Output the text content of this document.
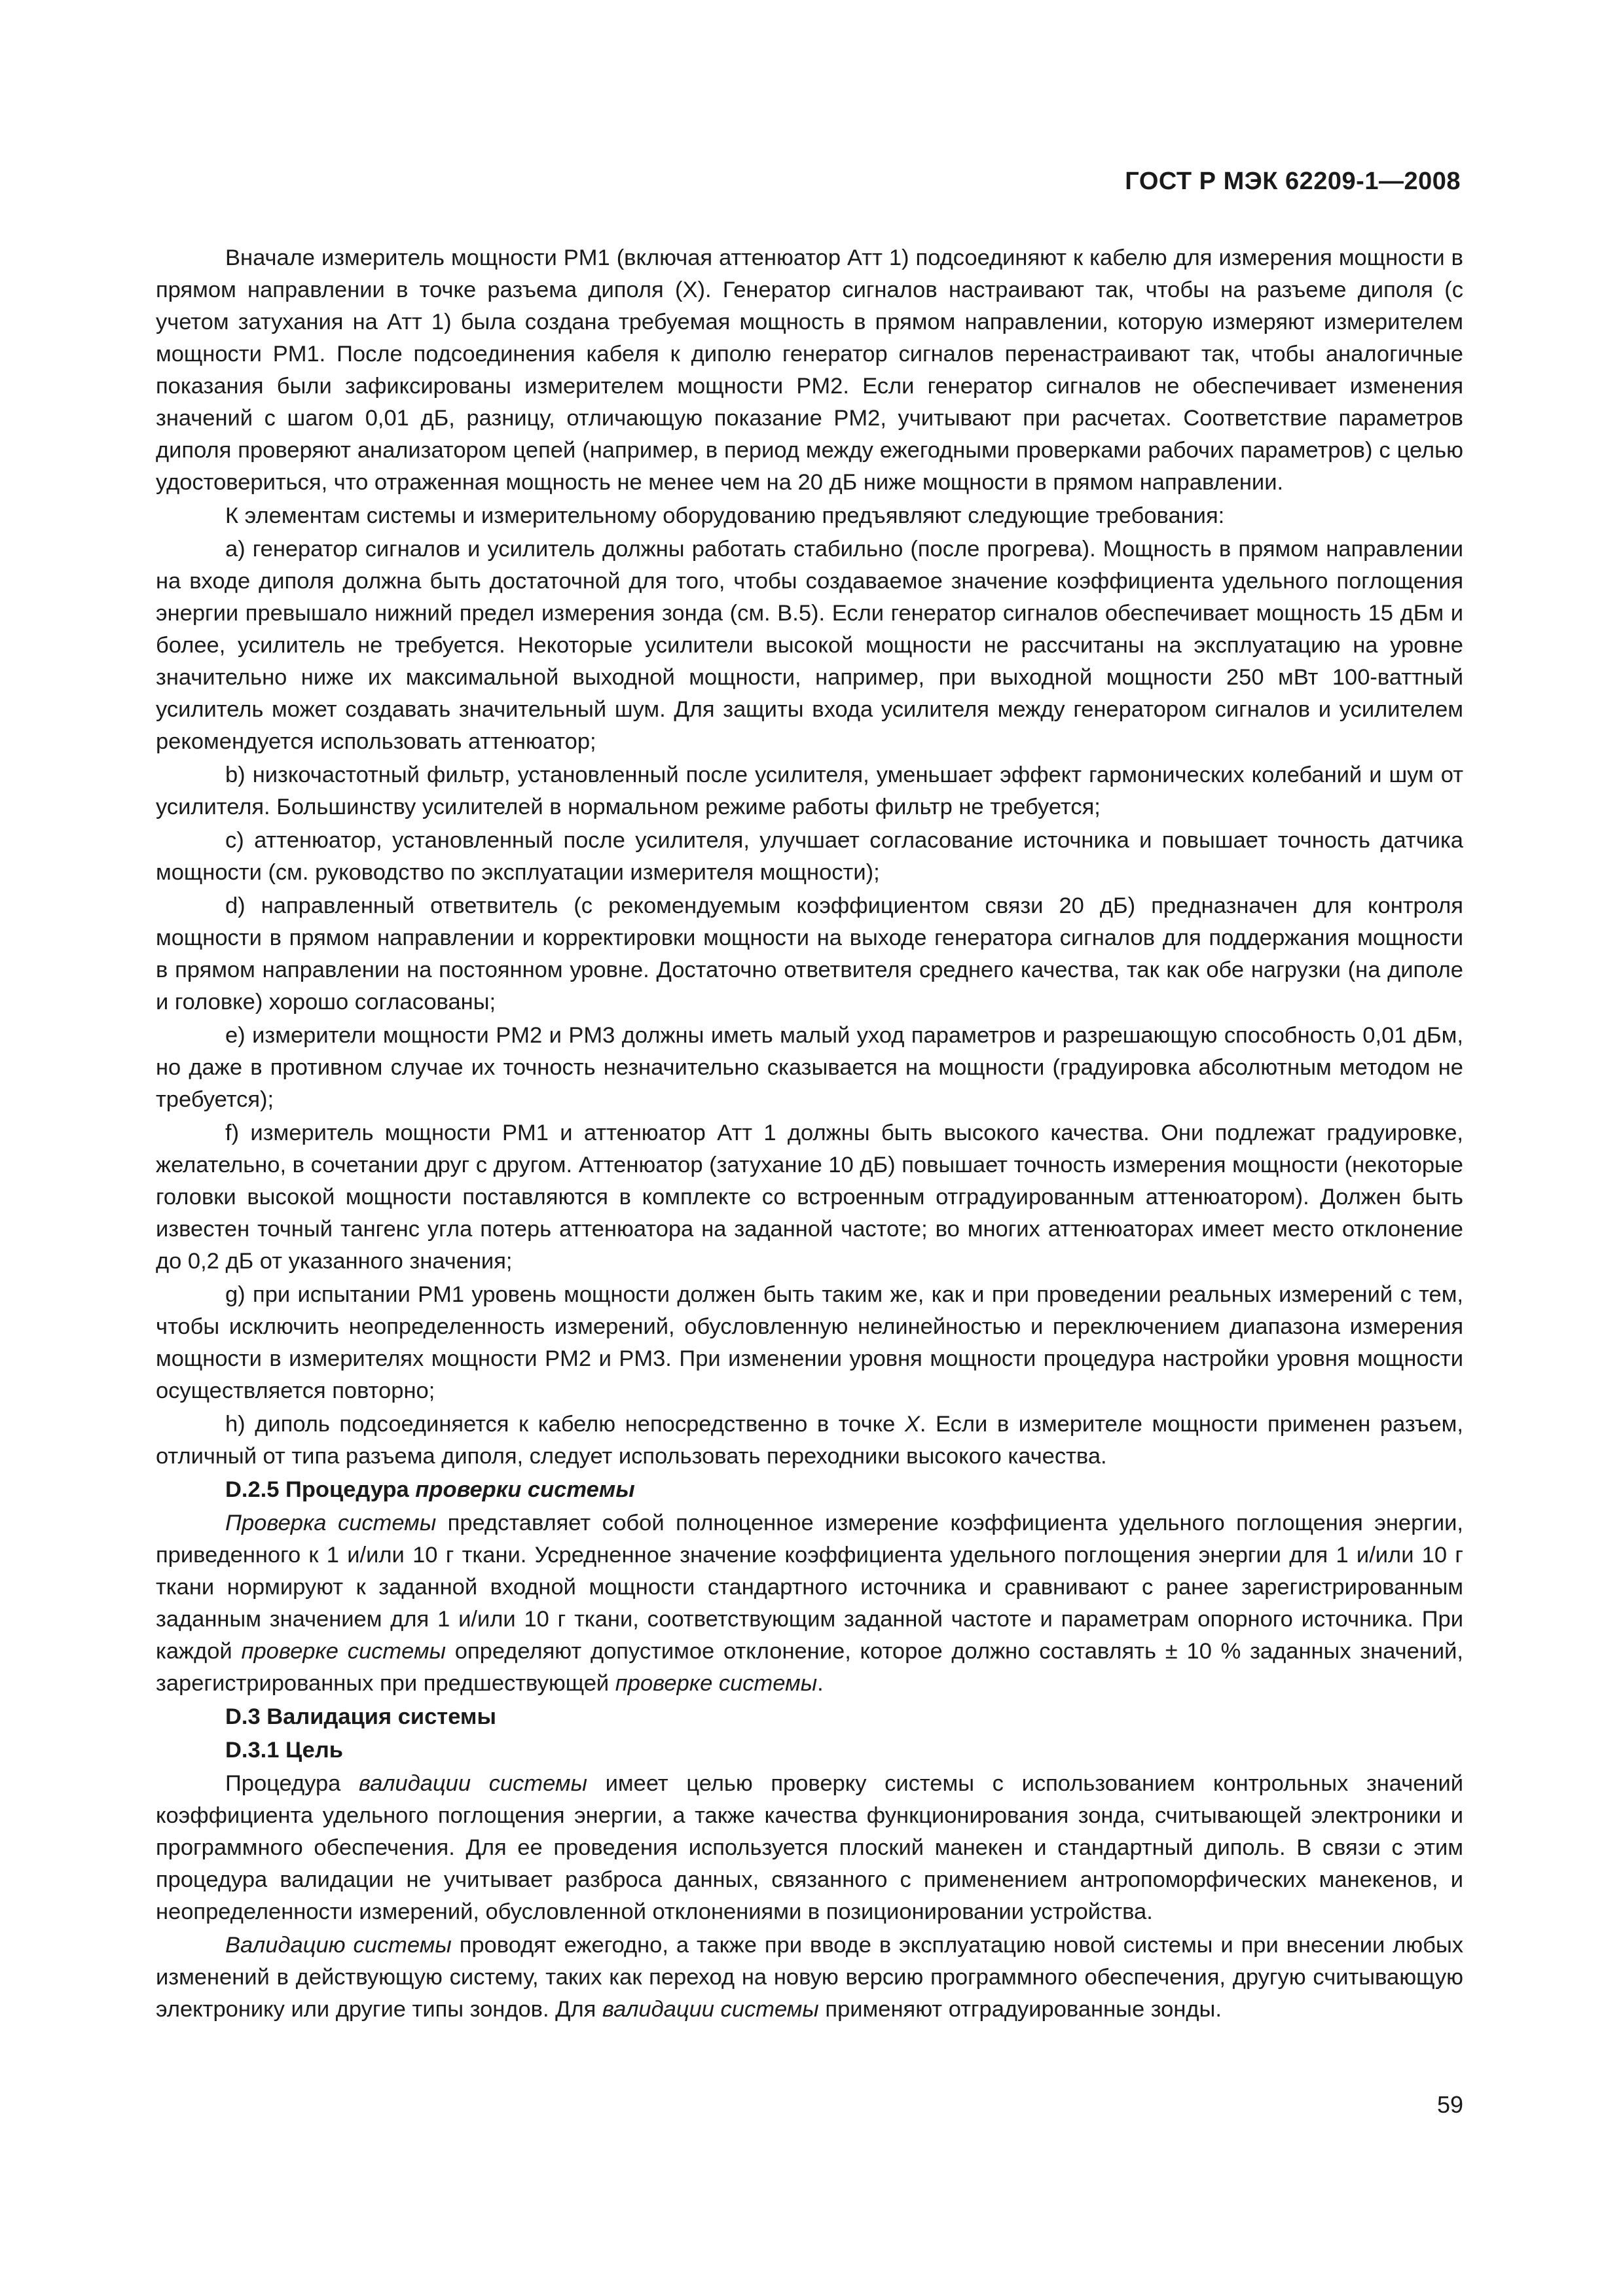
ГОСТ Р МЭК 62209-1—2008

Вначале измеритель мощности PM1 (включая аттенюатор Атт 1) подсоединяют к кабелю для измерения мощности в прямом направлении в точке разъема диполя (X). Генератор сигналов настраивают так, чтобы на разъеме диполя (с учетом затухания на Атт 1) была создана требуемая мощность в прямом направлении, которую измеряют измерителем мощности PM1. После подсоединения кабеля к диполю генератор сигналов перенастраивают так, чтобы аналогичные показания были зафиксированы измерителем мощности PM2. Если генератор сигналов не обеспечивает изменения значений с шагом 0,01 дБ, разницу, отличающую показание PM2, учитывают при расчетах. Соответствие параметров диполя проверяют анализатором цепей (например, в период между ежегодными проверками рабочих параметров) с целью удостовериться, что отраженная мощность не менее чем на 20 дБ ниже мощности в прямом направлении.

К элементам системы и измерительному оборудованию предъявляют следующие требования:

a) генератор сигналов и усилитель должны работать стабильно (после прогрева). Мощность в прямом направлении на входе диполя должна быть достаточной для того, чтобы создаваемое значение коэффициента удельного поглощения энергии превышало нижний предел измерения зонда (см. В.5). Если генератор сигналов обеспечивает мощность 15 дБм и более, усилитель не требуется. Некоторые усилители высокой мощности не рассчитаны на эксплуатацию на уровне значительно ниже их максимальной выходной мощности, например, при выходной мощности 250 мВт 100-ваттный усилитель может создавать значительный шум. Для защиты входа усилителя между генератором сигналов и усилителем рекомендуется использовать аттенюатор;

b) низкочастотный фильтр, установленный после усилителя, уменьшает эффект гармонических колебаний и шум от усилителя. Большинству усилителей в нормальном режиме работы фильтр не требуется;

c) аттенюатор, установленный после усилителя, улучшает согласование источника и повышает точность датчика мощности (см. руководство по эксплуатации измерителя мощности);

d) направленный ответвитель (с рекомендуемым коэффициентом связи 20 дБ) предназначен для контроля мощности в прямом направлении и корректировки мощности на выходе генератора сигналов для поддержания мощности в прямом направлении на постоянном уровне. Достаточно ответвителя среднего качества, так как обе нагрузки (на диполе и головке) хорошо согласованы;

e) измерители мощности PM2 и PM3 должны иметь малый уход параметров и разрешающую способность 0,01 дБм, но даже в противном случае их точность незначительно сказывается на мощности (градуировка абсолютным методом не требуется);

f) измеритель мощности PM1 и аттенюатор Атт 1 должны быть высокого качества. Они подлежат градуировке, желательно, в сочетании друг с другом. Аттенюатор (затухание 10 дБ) повышает точность измерения мощности (некоторые головки высокой мощности поставляются в комплекте со встроенным отградуированным аттенюатором). Должен быть известен точный тангенс угла потерь аттенюатора на заданной частоте; во многих аттенюаторах имеет место отклонение до 0,2 дБ от указанного значения;

g) при испытании PM1 уровень мощности должен быть таким же, как и при проведении реальных измерений с тем, чтобы исключить неопределенность измерений, обусловленную нелинейностью и переключением диапазона измерения мощности в измерителях мощности PM2 и PM3. При изменении уровня мощности процедура настройки уровня мощности осуществляется повторно;

h) диполь подсоединяется к кабелю непосредственно в точке X. Если в измерителе мощности применен разъем, отличный от типа разъема диполя, следует использовать переходники высокого качества.

D.2.5 Процедура проверки системы

Проверка системы представляет собой полноценное измерение коэффициента удельного поглощения энергии, приведенного к 1 и/или 10 г ткани. Усредненное значение коэффициента удельного поглощения энергии для 1 и/или 10 г ткани нормируют к заданной входной мощности стандартного источника и сравнивают с ранее зарегистрированным заданным значением для 1 и/или 10 г ткани, соответствующим заданной частоте и параметрам опорного источника. При каждой проверке системы определяют допустимое отклонение, которое должно составлять ± 10 % заданных значений, зарегистрированных при предшествующей проверке системы.

D.3 Валидация системы

D.3.1 Цель

Процедура валидации системы имеет целью проверку системы с использованием контрольных значений коэффициента удельного поглощения энергии, а также качества функционирования зонда, считывающей электроники и программного обеспечения. Для ее проведения используется плоский манекен и стандартный диполь. В связи с этим процедура валидации не учитывает разброса данных, связанного с применением антропоморфических манекенов, и неопределенности измерений, обусловленной отклонениями в позиционировании устройства.

Валидацию системы проводят ежегодно, а также при вводе в эксплуатацию новой системы и при внесении любых изменений в действующую систему, таких как переход на новую версию программного обеспечения, другую считывающую электронику или другие типы зондов. Для валидации системы применяют отградуированные зонды.

59
